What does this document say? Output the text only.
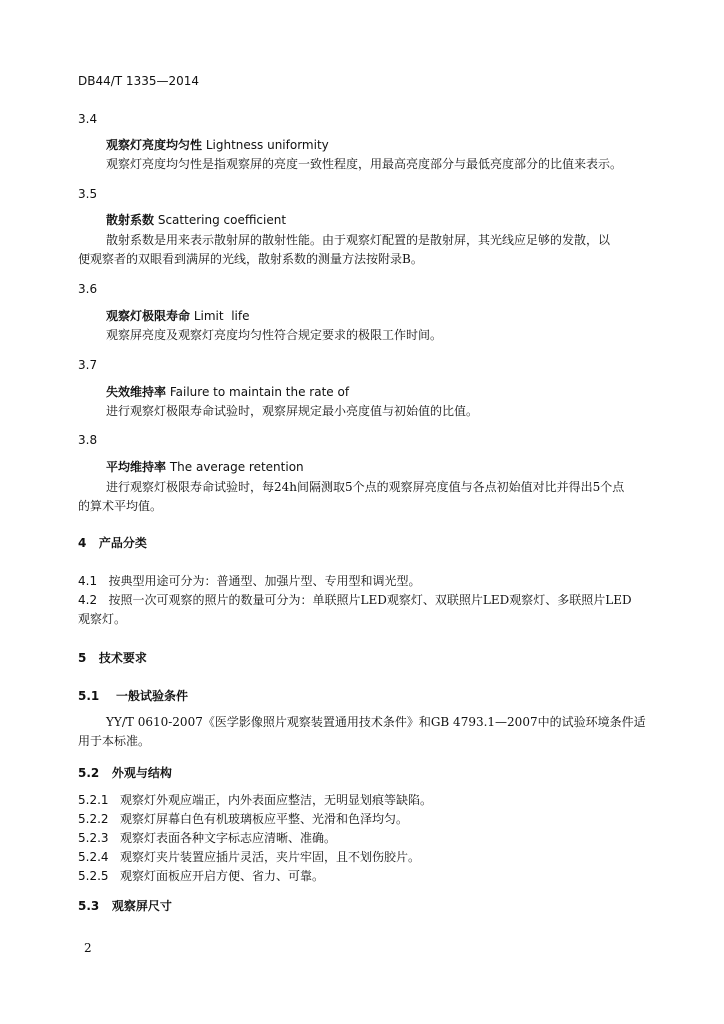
DB44/T 1335—2014
3.4
观察灯亮度均匀性 Lightness uniformity
观察灯亮度均匀性是指观察屏的亮度一致性程度，用最高亮度部分与最低亮度部分的比值来表示。
3.5
散射系数 Scattering coefficient
散射系数是用来表示散射屏的散射性能。由于观察灯配置的是散射屏，其光线应足够的发散，以
便观察者的双眼看到满屏的光线，散射系数的测量方法按附录B。
3.6
观察灯极限寿命 Limit  life
观察屏亮度及观察灯亮度均匀性符合规定要求的极限工作时间。
3.7
失效维持率 Failure to maintain the rate of
进行观察灯极限寿命试验时，观察屏规定最小亮度值与初始值的比值。
3.8
平均维持率 The average retention
进行观察灯极限寿命试验时，每24h间隔测取5个点的观察屏亮度值与各点初始值对比并得出5个点
的算术平均值。
4 产品分类
4.1 按典型用途可分为：普通型、加强片型、专用型和调光型。
4.2 按照一次可观察的照片的数量可分为：单联照片LED观察灯、双联照片LED观察灯、多联照片LED
观察灯。
5 技术要求
5.1 一般试验条件
YY/T 0610-2007《医学影像照片观察装置通用技术条件》和GB 4793.1—2007中的试验环境条件适
用于本标准。
5.2 外观与结构
5.2.1 观察灯外观应端正，内外表面应整洁，无明显划痕等缺陷。
5.2.2 观察灯屏幕白色有机玻璃板应平整、光滑和色泽均匀。
5.2.3 观察灯表面各种文字标志应清晰、准确。
5.2.4 观察灯夹片装置应插片灵活，夹片牢固，且不划伤胶片。
5.2.5 观察灯面板应开启方便、省力、可靠。
5.3 观察屏尺寸
2
